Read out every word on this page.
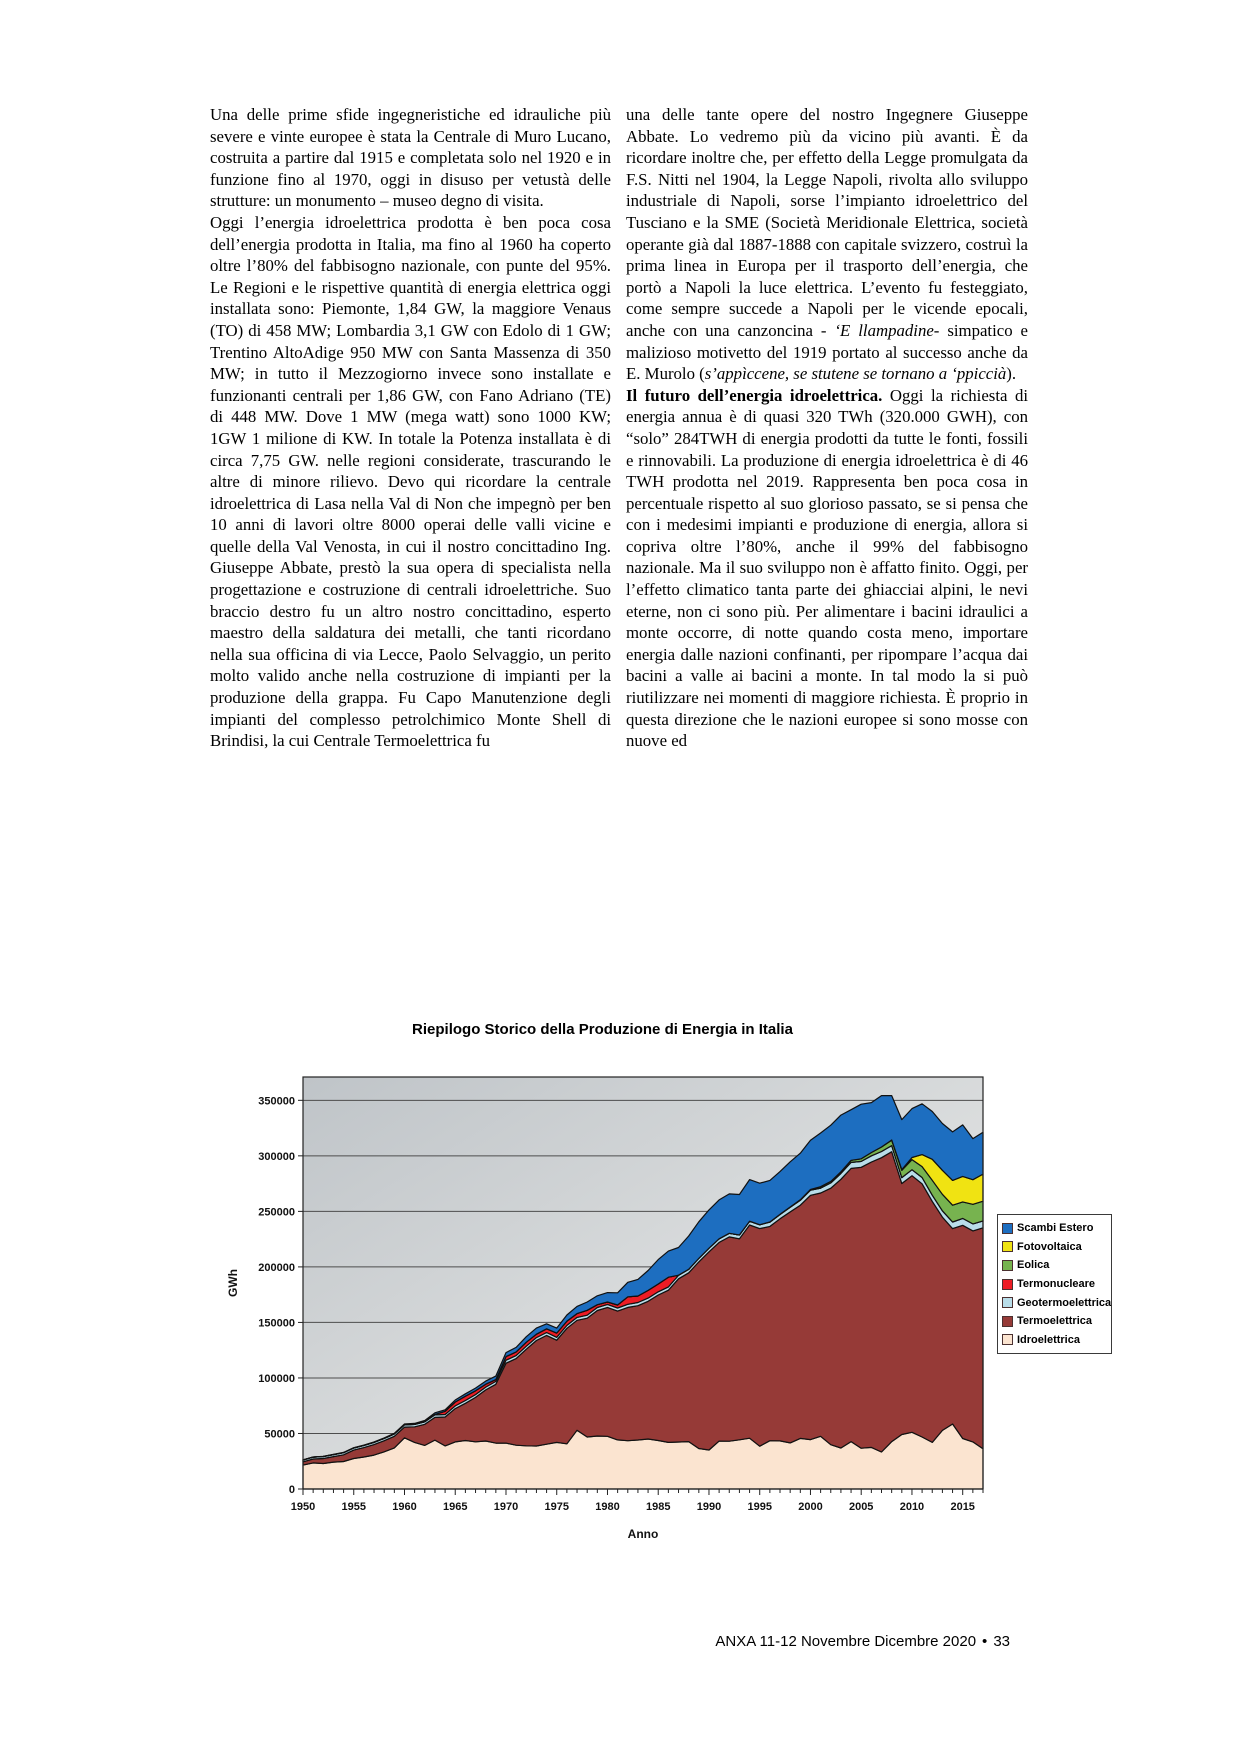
Una delle prime sfide ingegneristiche ed idrauliche più severe e vinte europee è stata la Centrale di Muro Lucano, costruita a partire dal 1915 e completata solo nel 1920 e in funzione fino al 1970, oggi in disuso per vetustà delle strutture: un monumento – museo degno di visita.

Oggi l’energia idroelettrica prodotta è ben poca cosa dell’energia prodotta in Italia, ma fino al 1960 ha coperto oltre l’80% del fabbisogno nazionale, con punte del 95%. Le Regioni e le rispettive quantità di energia elettrica oggi installata sono: Piemonte, 1,84 GW, la maggiore Venaus (TO) di 458 MW; Lombardia 3,1 GW con Edolo di 1 GW; Trentino AltoAdige 950 MW con Santa Massenza di 350 MW; in tutto il Mezzogiorno invece sono installate e funzionanti centrali per 1,86 GW, con Fano Adriano (TE) di 448 MW. Dove 1 MW (mega watt) sono 1000 KW; 1GW 1 milione di KW. In totale la Potenza installata è di circa 7,75 GW. nelle regioni considerate, trascurando le altre di minore rilievo. Devo qui ricordare la centrale idroelettrica di Lasa nella Val di Non che impegnò per ben 10 anni di lavori oltre 8000 operai delle valli vicine e quelle della Val Venosta, in cui il nostro concittadino Ing. Giuseppe Abbate, prestò la sua opera di specialista nella progettazione e costruzione di centrali idroelettriche. Suo braccio destro fu un altro nostro concittadino, esperto maestro della saldatura dei metalli, che tanti ricordano nella sua officina di via Lecce, Paolo Selvaggio, un perito molto valido anche nella costruzione di impianti per la produzione della grappa. Fu Capo Manutenzione degli impianti del complesso petrolchimico Monte Shell di Brindisi, la cui Centrale Termoelettrica fu

una delle tante opere del nostro Ingegnere Giuseppe Abbate. Lo vedremo più da vicino più avanti. È da ricordare inoltre che, per effetto della Legge promulgata da F.S. Nitti nel 1904, la Legge Napoli, rivolta allo sviluppo industriale di Napoli, sorse l’impianto idroelettrico del Tusciano e la SME (Società Meridionale Elettrica, società operante già dal 1887-1888 con capitale svizzero, costruì la prima linea in Europa per il trasporto dell’energia, che portò a Napoli la luce elettrica. L’evento fu festeggiato, come sempre succede a Napoli per le vicende epocali, anche con una canzoncina - ‘E llampadine- simpatico e malizioso motivetto del 1919 portato al successo anche da E. Murolo (s’appìccene, se stutene se tornano a ‘ppiccià).

Il futuro dell’energia idroelettrica. Oggi la richiesta di energia annua è di quasi 320 TWh (320.000 GWH), con “solo” 284TWH di energia prodotti da tutte le fonti, fossili e rinnovabili. La produzione di energia idroelettrica è di 46 TWH prodotta nel 2019. Rappresenta ben poca cosa in percentuale rispetto al suo glorioso passato, se si pensa che con i medesimi impianti e produzione di energia, allora si copriva oltre l’80%, anche il 99% del fabbisogno nazionale. Ma il suo sviluppo non è affatto finito. Oggi, per l’effetto climatico tanta parte dei ghiacciai alpini, le nevi eterne, non ci sono più. Per alimentare i bacini idraulici a monte occorre, di notte quando costa meno, importare energia dalle nazioni confinanti, per ripompare l’acqua dai bacini a valle ai bacini a monte. In tal modo la si può riutilizzare nei momenti di maggiore richiesta. È proprio in questa direzione che le nazioni europee si sono mosse con nuove ed

Riepilogo Storico della Produzione di Energia in Italia
0
50000
100000
150000
200000
250000
300000
350000
1950 1955 1960 1965 1970 1975 1980 1985 1990 1995 2000 2005 2010 2015
GWh
Anno
Scambi Estero
Fotovoltaica
Eolica
Termonucleare
Geotermoelettrica
Termoelettrica
Idroelettrica
ANXA 11-12 Novembre Dicembre 2020 • 33
